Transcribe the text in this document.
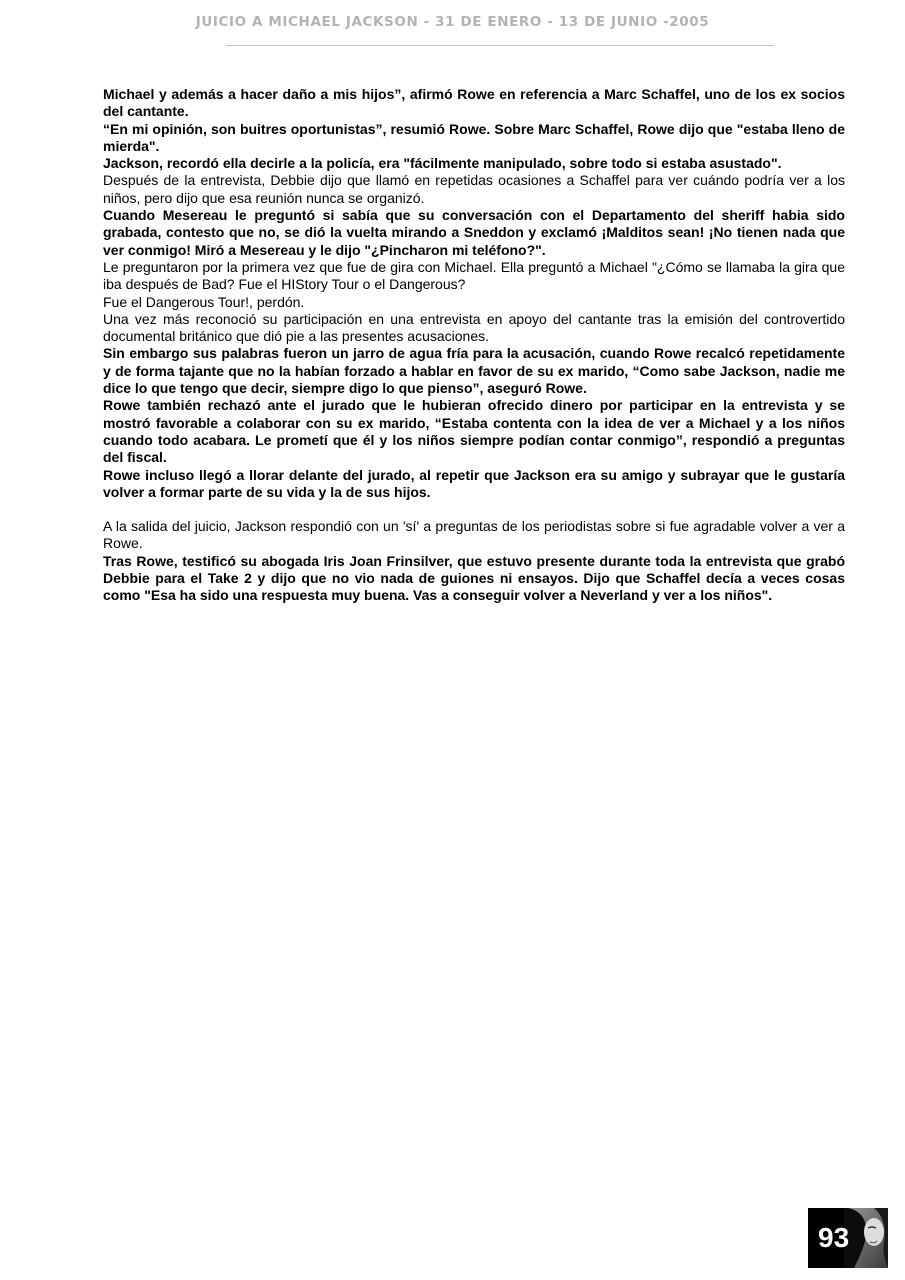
JUICIO A MICHAEL JACKSON - 31 DE ENERO - 13 DE JUNIO -2005

Michael y además a hacer daño a mis hijos”, afirmó Rowe en referencia a Marc Schaffel, uno de los ex socios del cantante.

“En mi opinión, son buitres oportunistas”, resumió Rowe. Sobre Marc Schaffel, Rowe dijo que "estaba lleno de mierda".

Jackson, recordó ella decirle a la policía, era "fácilmente manipulado, sobre todo si estaba asustado".

Después de la entrevista, Debbie dijo que llamó en repetidas ocasiones a Schaffel para ver cuándo podría ver a los niños, pero dijo que esa reunión nunca se organizó.

Cuando Mesereau le preguntó si sabía que su conversación con el Departamento del sheriff habia sido grabada, contesto que no, se dió la vuelta mirando a Sneddon y exclamó ¡Malditos sean! ¡No tienen nada que ver conmigo! Miró a Mesereau y le dijo "¿Pincharon mi teléfono?".

Le preguntaron por la primera vez que fue de gira con Michael. Ella preguntó a Michael "¿Cómo se llamaba la gira que iba después de Bad? Fue el HIStory Tour o el Dangerous?

Fue el Dangerous Tour!, perdón.

Una vez más reconoció su participación en una entrevista en apoyo del cantante tras la emisión del controvertido documental británico que dió pie a las presentes acusaciones.

Sin embargo sus palabras fueron un jarro de agua fría para la acusación, cuando Rowe recalcó repetidamente y de forma tajante que no la habían forzado a hablar en favor de su ex marido, “Como sabe Jackson, nadie me dice lo que tengo que decir, siempre digo lo que pienso”, aseguró Rowe.

Rowe también rechazó ante el jurado que le hubieran ofrecido dinero por participar en la entrevista y se mostró favorable a colaborar con su ex marido, “Estaba contenta con la idea de ver a Michael y a los niños cuando todo acabara. Le prometí que él y los niños siempre podían contar conmigo”, respondió a preguntas del fiscal.

Rowe incluso llegó a llorar delante del jurado, al repetir que Jackson era su amigo y subrayar que le gustaría volver a formar parte de su vida y la de sus hijos.

A la salida del juicio, Jackson respondió con un 'sí' a preguntas de los periodistas sobre si fue agradable volver a ver a Rowe.

Tras Rowe, testificó su abogada Iris Joan Frinsilver, que estuvo presente durante toda la entrevista que grabó Debbie para el Take 2 y dijo que no vio nada de guiones ni ensayos. Dijo que Schaffel decía a veces cosas como "Esa ha sido una respuesta muy buena. Vas a conseguir volver a Neverland y ver a los niños".

93
